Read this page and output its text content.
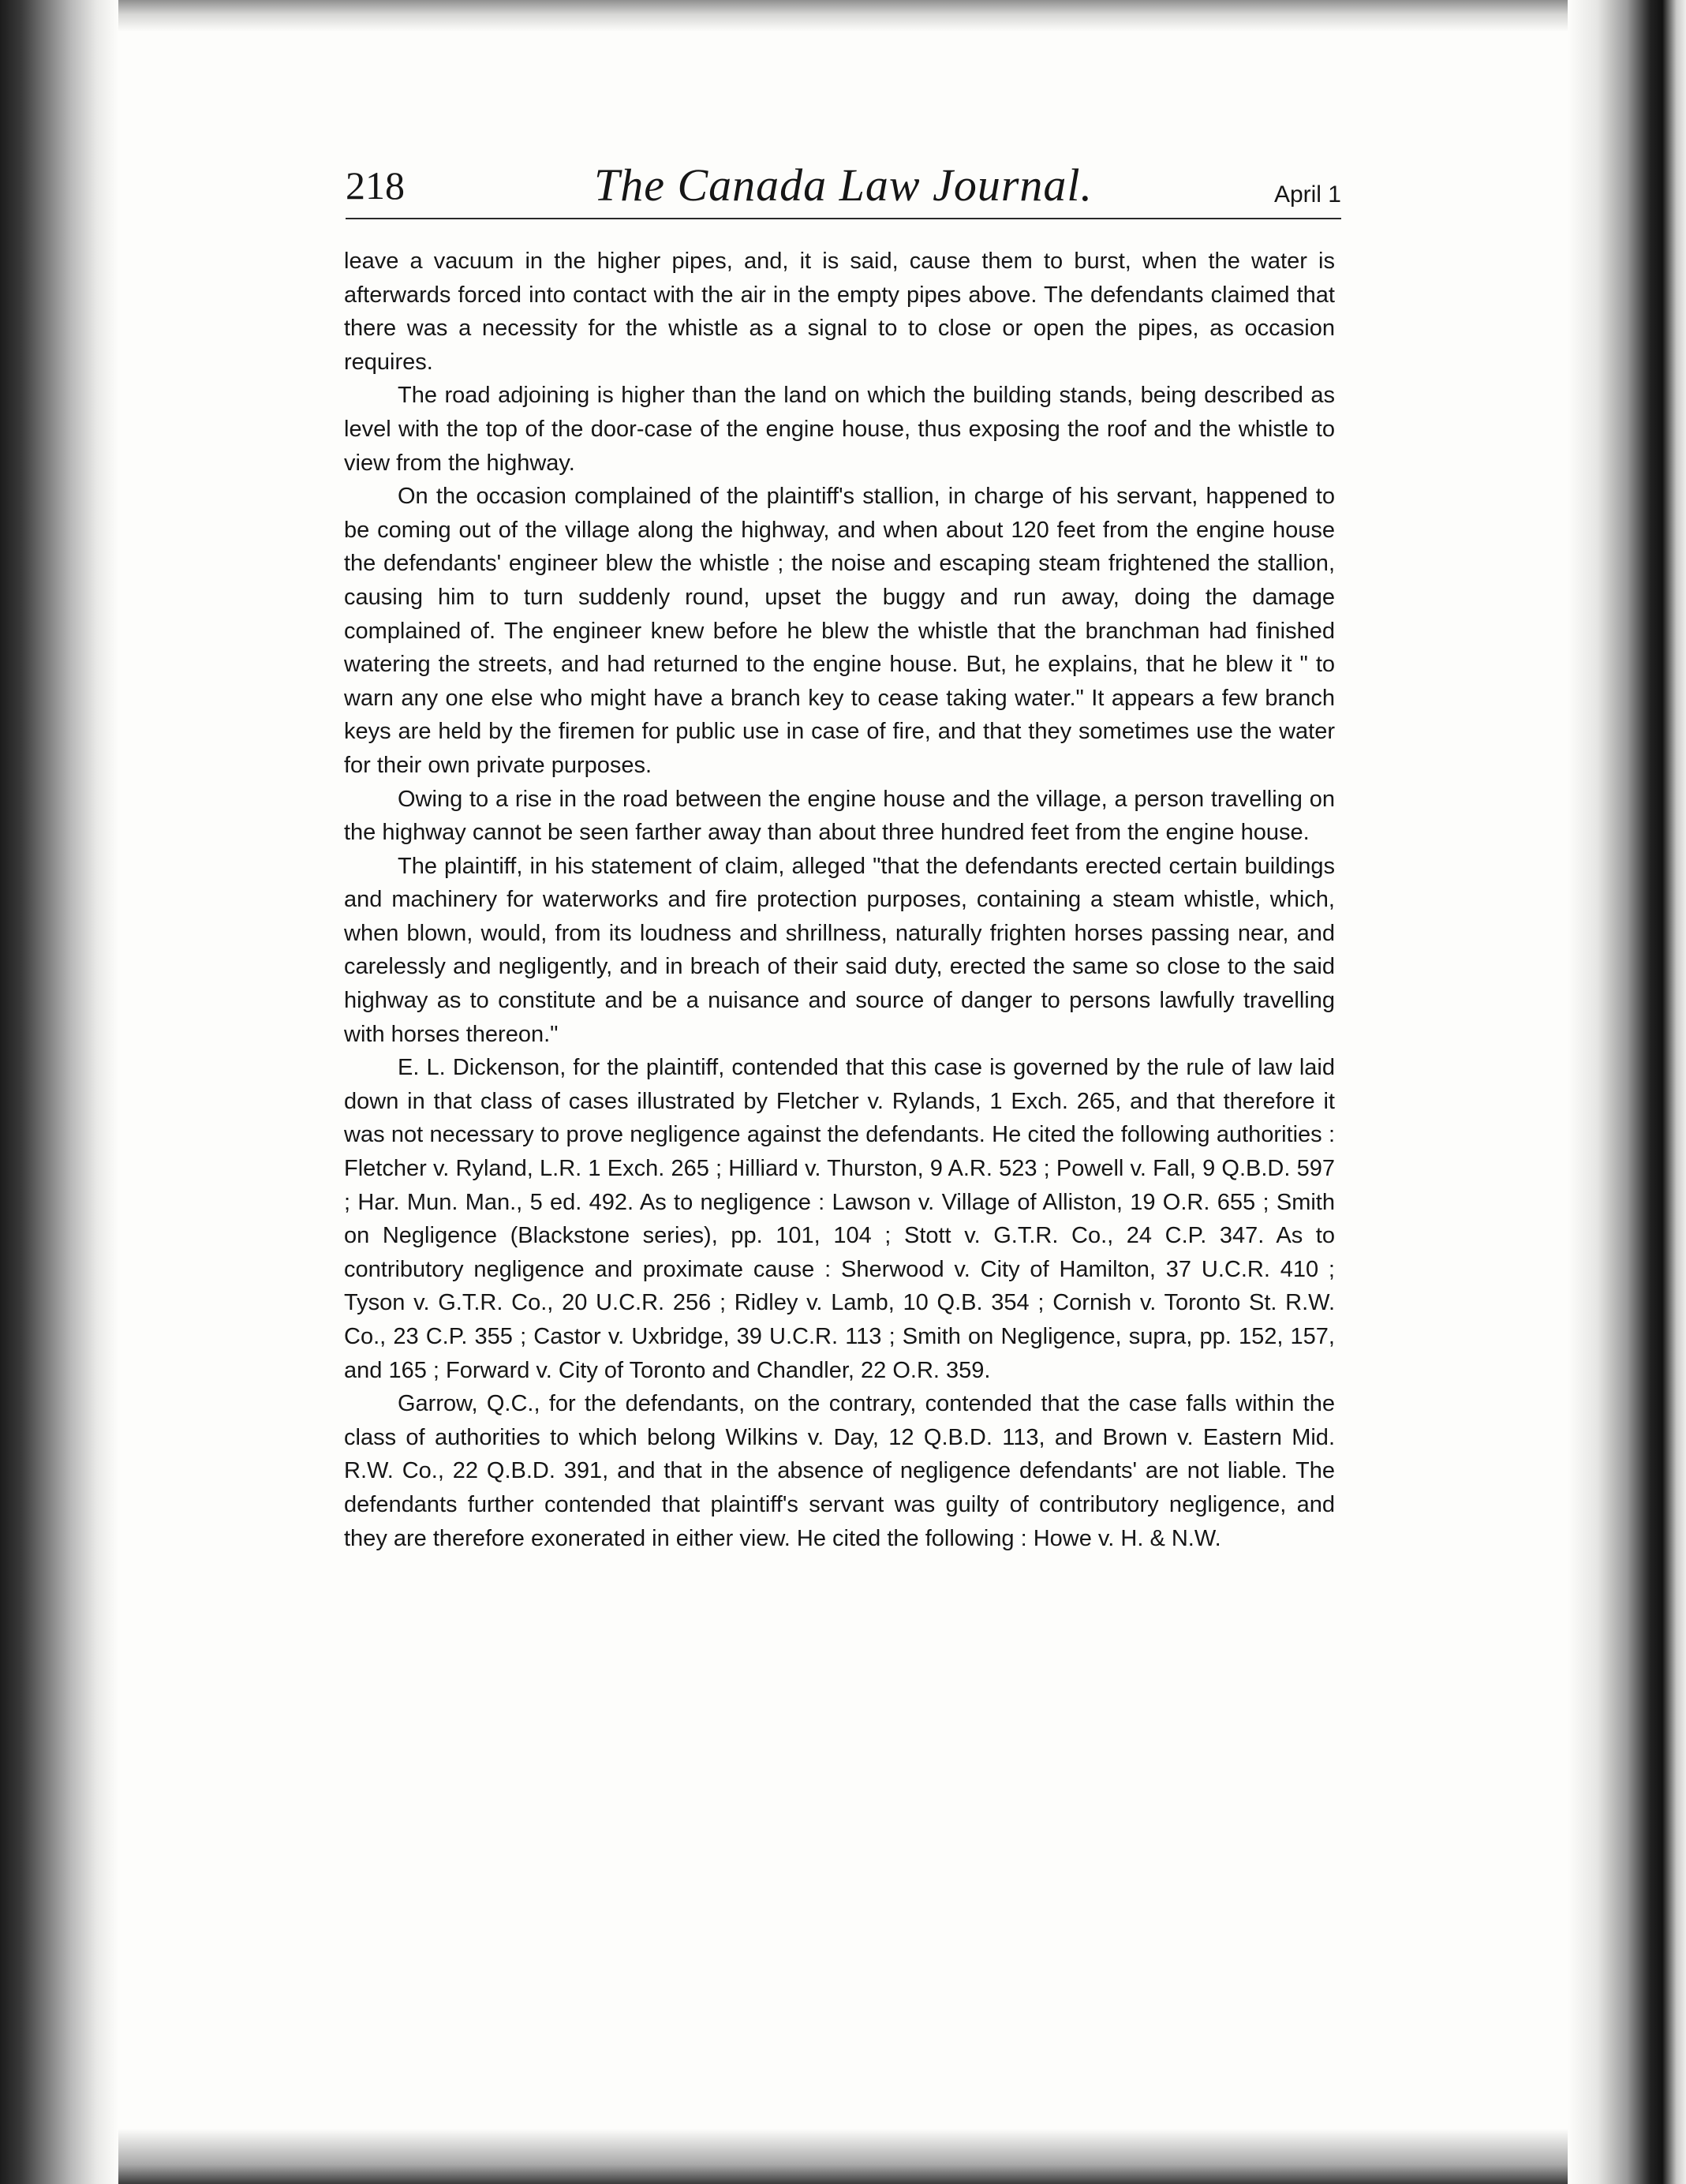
218	The Canada Law Journal.	April 1

leave a vacuum in the higher pipes, and, it is said, cause them to burst, when the water is afterwards forced into contact with the air in the empty pipes above. The defendants claimed that there was a necessity for the whistle as a signal to to close or open the pipes, as occasion requires.

The road adjoining is higher than the land on which the building stands, being described as level with the top of the door-case of the engine house, thus exposing the roof and the whistle to view from the highway.

On the occasion complained of the plaintiff's stallion, in charge of his servant, happened to be coming out of the village along the highway, and when about 120 feet from the engine house the defendants' engineer blew the whistle ; the noise and escaping steam frightened the stallion, causing him to turn suddenly round, upset the buggy and run away, doing the damage complained of. The engineer knew before he blew the whistle that the branchman had finished watering the streets, and had returned to the engine house. But, he explains, that he blew it " to warn any one else who might have a branch key to cease taking water." It appears a few branch keys are held by the firemen for public use in case of fire, and that they sometimes use the water for their own private purposes.

Owing to a rise in the road between the engine house and the village, a person travelling on the highway cannot be seen farther away than about three hundred feet from the engine house.

The plaintiff, in his statement of claim, alleged "that the defendants erected certain buildings and machinery for waterworks and fire protection purposes, containing a steam whistle, which, when blown, would, from its loudness and shrillness, naturally frighten horses passing near, and carelessly and negligently, and in breach of their said duty, erected the same so close to the said highway as to constitute and be a nuisance and source of danger to persons lawfully travelling with horses thereon."

E. L. Dickenson, for the plaintiff, contended that this case is governed by the rule of law laid down in that class of cases illustrated by Fletcher v. Rylands, 1 Exch. 265, and that therefore it was not necessary to prove negligence against the defendants. He cited the following authorities : Fletcher v. Ryland, L.R. 1 Exch. 265 ; Hilliard v. Thurston, 9 A.R. 523 ; Powell v. Fall, 9 Q.B.D. 597 ; Har. Mun. Man., 5 ed. 492. As to negligence : Lawson v. Village of Alliston, 19 O.R. 655 ; Smith on Negligence (Blackstone series), pp. 101, 104 ; Stott v. G.T.R. Co., 24 C.P. 347. As to contributory negligence and proximate cause : Sherwood v. City of Hamilton, 37 U.C.R. 410 ; Tyson v. G.T.R. Co., 20 U.C.R. 256 ; Ridley v. Lamb, 10 Q.B. 354 ; Cornish v. Toronto St. R.W. Co., 23 C.P. 355 ; Castor v. Uxbridge, 39 U.C.R. 113 ; Smith on Negligence, supra, pp. 152, 157, and 165 ; Forward v. City of Toronto and Chandler, 22 O.R. 359.

Garrow, Q.C., for the defendants, on the contrary, contended that the case falls within the class of authorities to which belong Wilkins v. Day, 12 Q.B.D. 113, and Brown v. Eastern Mid. R.W. Co., 22 Q.B.D. 391, and that in the absence of negligence defendants' are not liable. The defendants further contended that plaintiff's servant was guilty of contributory negligence, and they are therefore exonerated in either view. He cited the following : Howe v. H. & N.W.
